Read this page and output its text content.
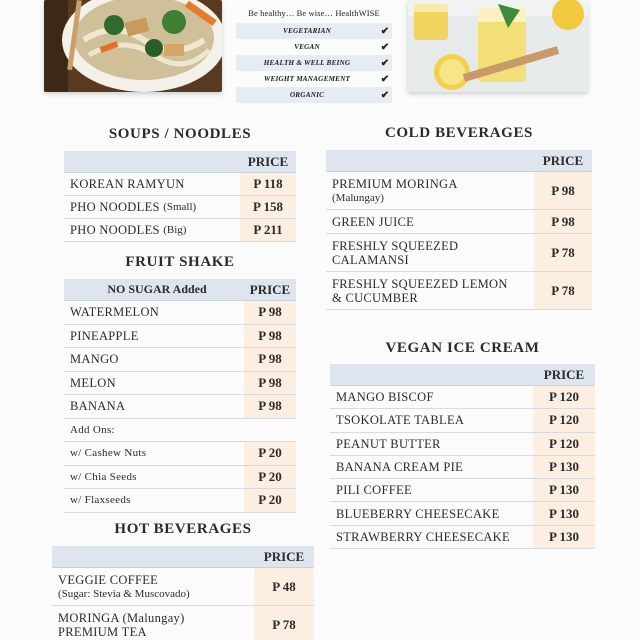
Be healthy… Be wise… HealthWISE
VEGETARIAN	✔
VEGAN	✔
HEALTH & WELL BEING	✔
WEIGHT MANAGEMENT	✔
ORGANIC	✔
SOUPS / NOODLES
PRICE
KOREAN RAMYUN	P 118
PHO NOODLES
(Small)	P 158
PHO NOODLES
(Big)	P 211
FRUIT SHAKE
NO SUGAR Added	PRICE
WATERMELON	P 98
PINEAPPLE	P 98
MANGO	P 98
MELON	P 98
BANANA	P 98
Add Ons:
w/ Cashew Nuts	P 20
w/ Chia Seeds	P 20
w/ Flaxseeds	P 20
HOT BEVERAGES
PRICE
VEGGIE COFFEE
(Sugar: Stevia & Muscovado)	P 48
MORINGA (Malungay)
PREMIUM TEA	P 78
COLD BEVERAGES
PRICE
PREMIUM MORINGA
(Malungay)	P 98
GREEN JUICE	P 98
FRESHLY SQUEEZED
CALAMANSI	P 78
FRESHLY SQUEEZED LEMON
& CUCUMBER	P 78
VEGAN ICE CREAM
PRICE
MANGO BISCOF	P 120
TSOKOLATE TABLEA	P 120
PEANUT BUTTER	P 120
BANANA CREAM PIE	P 130
PILI COFFEE	P 130
BLUEBERRY CHEESECAKE	P 130
STRAWBERRY CHEESECAKE	P 130
